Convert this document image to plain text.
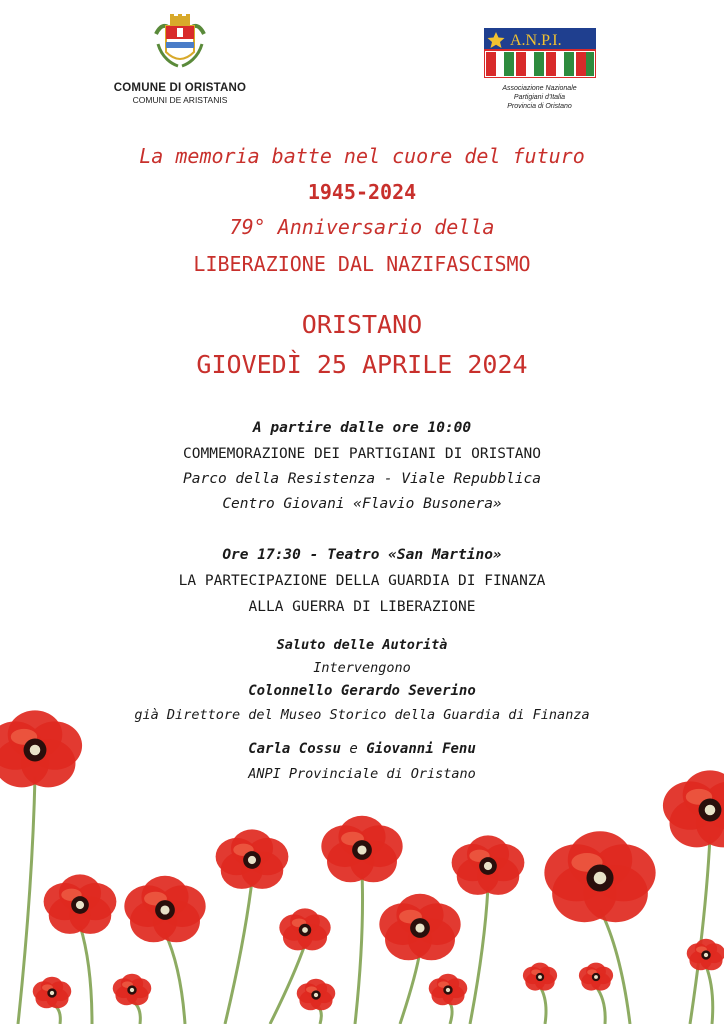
COMUNE DI ORISTANO
COMUNI DE ARISTANIS
A.N.P.I.
Associazione Nazionale
Partigiani d'Italia
Provincia di Oristano
La memoria batte nel cuore del futuro
1945-2024
79° Anniversario della
LIBERAZIONE DAL NAZIFASCISMO
ORISTANO
GIOVEDÌ 25 APRILE 2024
A partire dalle ore 10:00
COMMEMORAZIONE DEI PARTIGIANI DI ORISTANO
Parco della Resistenza - Viale Repubblica
Centro Giovani «Flavio Busonera»
Ore 17:30 - Teatro «San Martino»
LA PARTECIPAZIONE DELLA GUARDIA DI FINANZA
ALLA GUERRA DI LIBERAZIONE
Saluto delle Autorità
Intervengono
Colonnello Gerardo Severino
già Direttore del Museo Storico della Guardia di Finanza
Carla Cossu e Giovanni Fenu
ANPI Provinciale di Oristano
